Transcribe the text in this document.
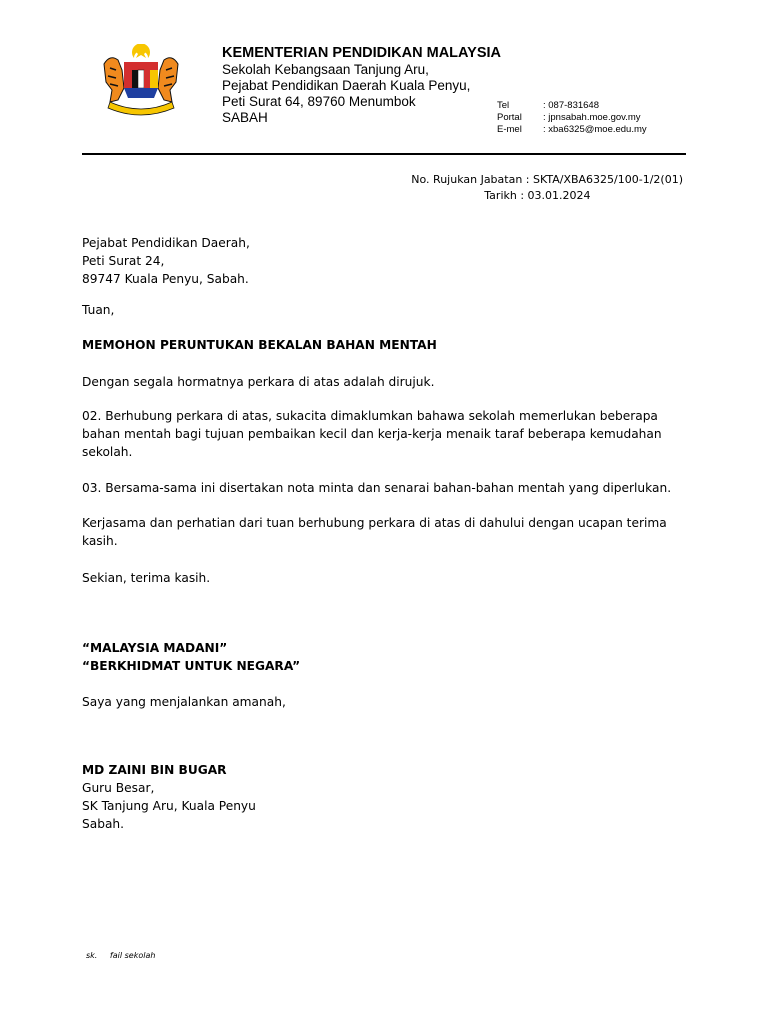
KEMENTERIAN PENDIDIKAN MALAYSIA

Sekolah Kebangsaan Tanjung Aru,

Pejabat Pendidikan Daerah Kuala Penyu,

Peti Surat 64, 89760 Menumbok

SABAH

Tel	: 087-831648
Portal	: jpnsabah.moe.gov.my
E-mel	: xba6325@moe.edu.my
No. Rujukan Jabatan : SKTA/XBA6325/100-1/2(01)
Tarikh : 03.01.2024
Pejabat Pendidikan Daerah,
Peti Surat 24,
89747 Kuala Penyu, Sabah.
Tuan,
MEMOHON PERUNTUKAN BEKALAN BAHAN MENTAH
Dengan segala hormatnya perkara di atas adalah dirujuk.
02. Berhubung perkara di atas, sukacita dimaklumkan bahawa sekolah memerlukan beberapa bahan mentah bagi tujuan pembaikan kecil dan kerja-kerja menaik taraf beberapa kemudahan sekolah.
03. Bersama-sama ini disertakan nota minta dan senarai bahan-bahan mentah yang diperlukan.
Kerjasama dan perhatian dari tuan berhubung perkara di atas di dahului dengan ucapan terima kasih.
Sekian, terima kasih.
“MALAYSIA MADANI”
“BERKHIDMAT UNTUK NEGARA”
Saya yang menjalankan amanah,
MD ZAINI BIN BUGAR
Guru Besar,
SK Tanjung Aru, Kuala Penyu
Sabah.
sk. fail sekolah
